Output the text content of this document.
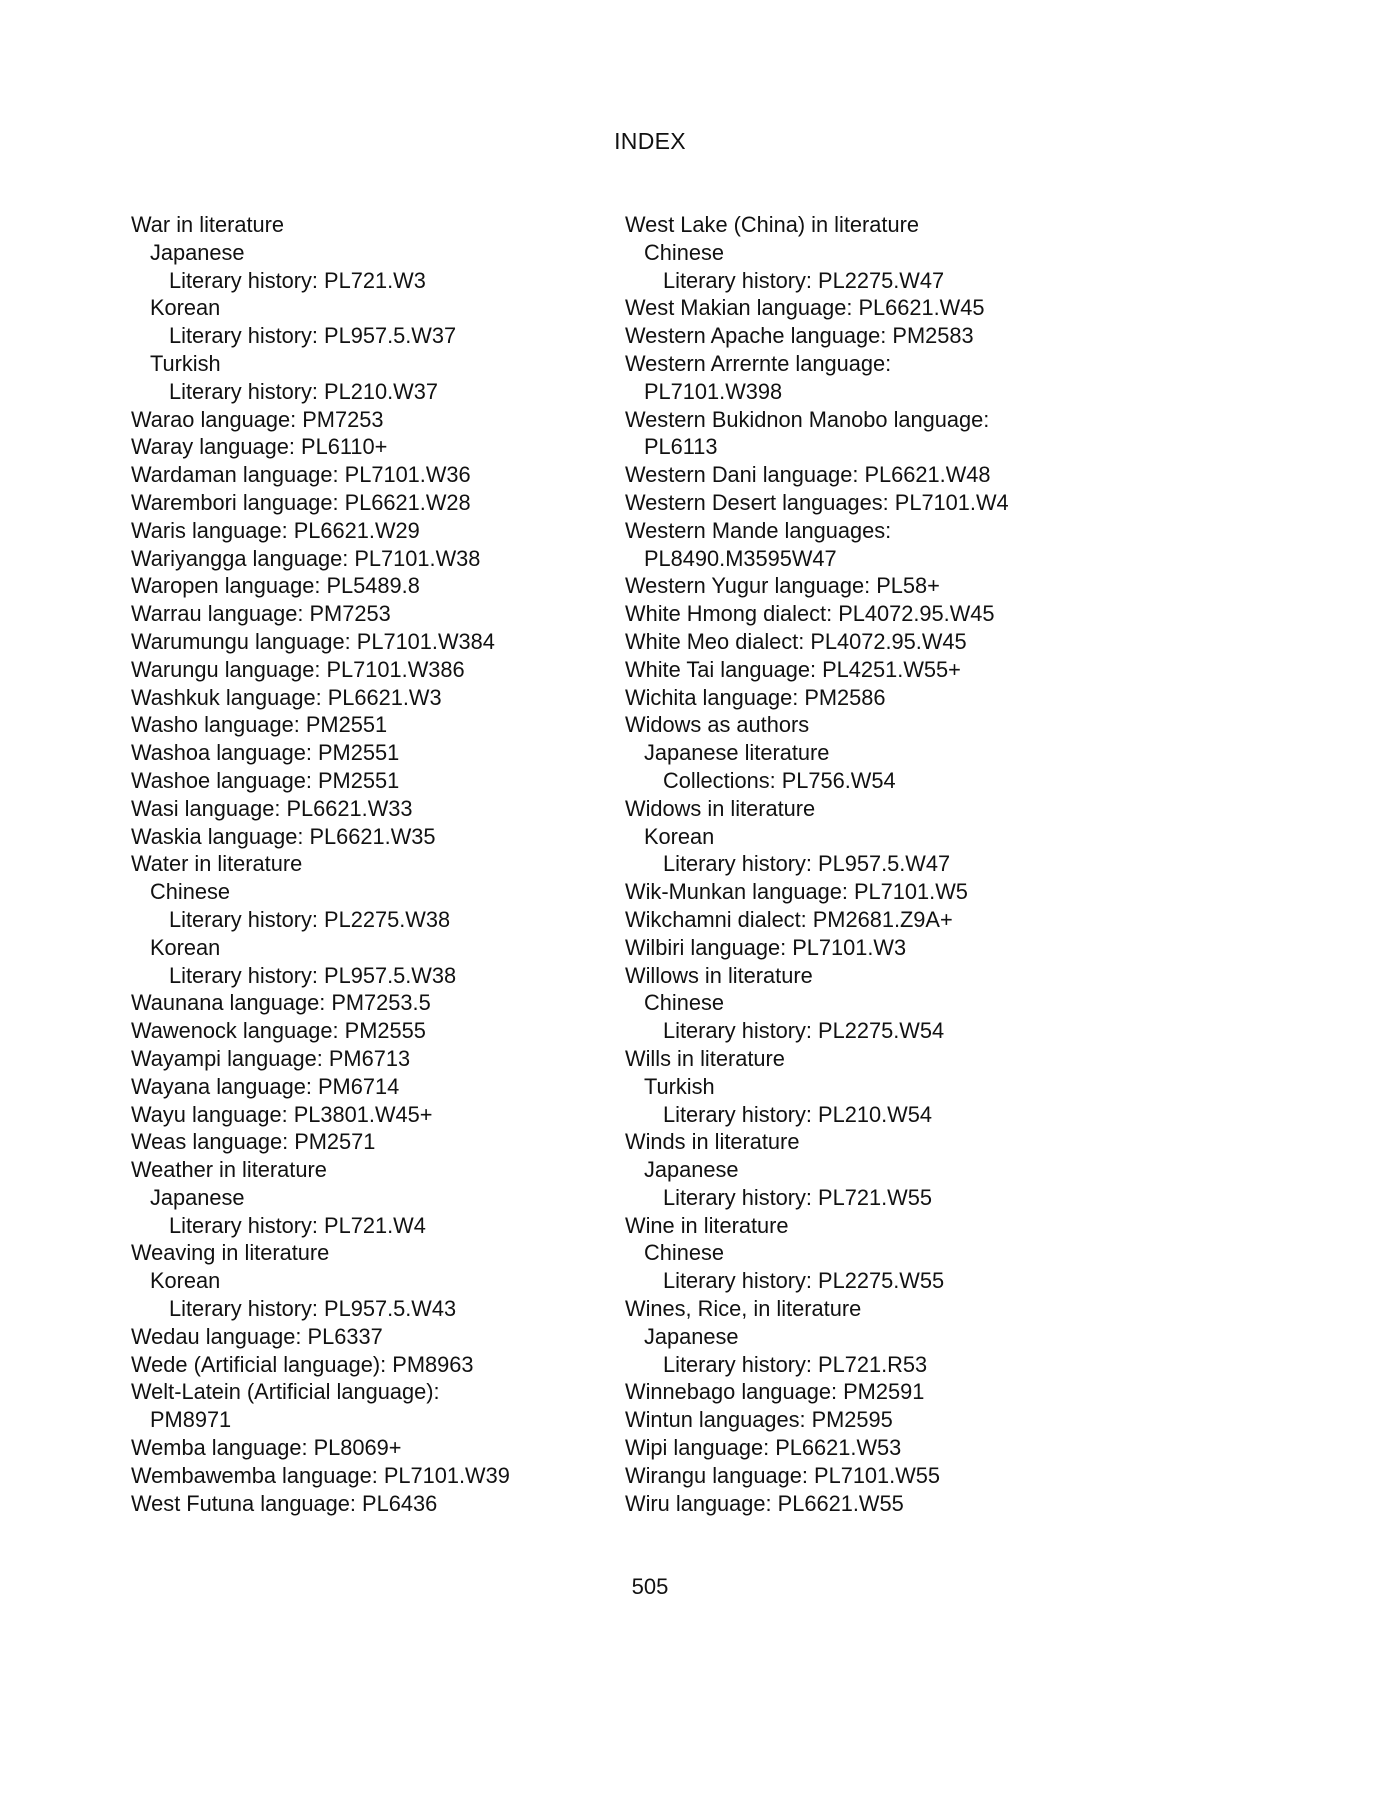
INDEX
War in literature
Japanese
Literary history: PL721.W3
Korean
Literary history: PL957.5.W37
Turkish
Literary history: PL210.W37
Warao language: PM7253
Waray language: PL6110+
Wardaman language: PL7101.W36
Warembori language: PL6621.W28
Waris language: PL6621.W29
Wariyangga language: PL7101.W38
Waropen language: PL5489.8
Warrau language: PM7253
Warumungu language: PL7101.W384
Warungu language: PL7101.W386
Washkuk language: PL6621.W3
Washo language: PM2551
Washoa language: PM2551
Washoe language: PM2551
Wasi language: PL6621.W33
Waskia language: PL6621.W35
Water in literature
Chinese
Literary history: PL2275.W38
Korean
Literary history: PL957.5.W38
Waunana language: PM7253.5
Wawenock language: PM2555
Wayampi language: PM6713
Wayana language: PM6714
Wayu language: PL3801.W45+
Weas language: PM2571
Weather in literature
Japanese
Literary history: PL721.W4
Weaving in literature
Korean
Literary history: PL957.5.W43
Wedau language: PL6337
Wede (Artificial language): PM8963
Welt-Latein (Artificial language):
PM8971
Wemba language: PL8069+
Wembawemba language: PL7101.W39
West Futuna language: PL6436
West Lake (China) in literature
Chinese
Literary history: PL2275.W47
West Makian language: PL6621.W45
Western Apache language: PM2583
Western Arrernte language:
PL7101.W398
Western Bukidnon Manobo language:
PL6113
Western Dani language: PL6621.W48
Western Desert languages: PL7101.W4
Western Mande languages:
PL8490.M3595W47
Western Yugur language: PL58+
White Hmong dialect: PL4072.95.W45
White Meo dialect: PL4072.95.W45
White Tai language: PL4251.W55+
Wichita language: PM2586
Widows as authors
Japanese literature
Collections: PL756.W54
Widows in literature
Korean
Literary history: PL957.5.W47
Wik-Munkan language: PL7101.W5
Wikchamni dialect: PM2681.Z9A+
Wilbiri language: PL7101.W3
Willows in literature
Chinese
Literary history: PL2275.W54
Wills in literature
Turkish
Literary history: PL210.W54
Winds in literature
Japanese
Literary history: PL721.W55
Wine in literature
Chinese
Literary history: PL2275.W55
Wines, Rice, in literature
Japanese
Literary history: PL721.R53
Winnebago language: PM2591
Wintun languages: PM2595
Wipi language: PL6621.W53
Wirangu language: PL7101.W55
Wiru language: PL6621.W55
505
